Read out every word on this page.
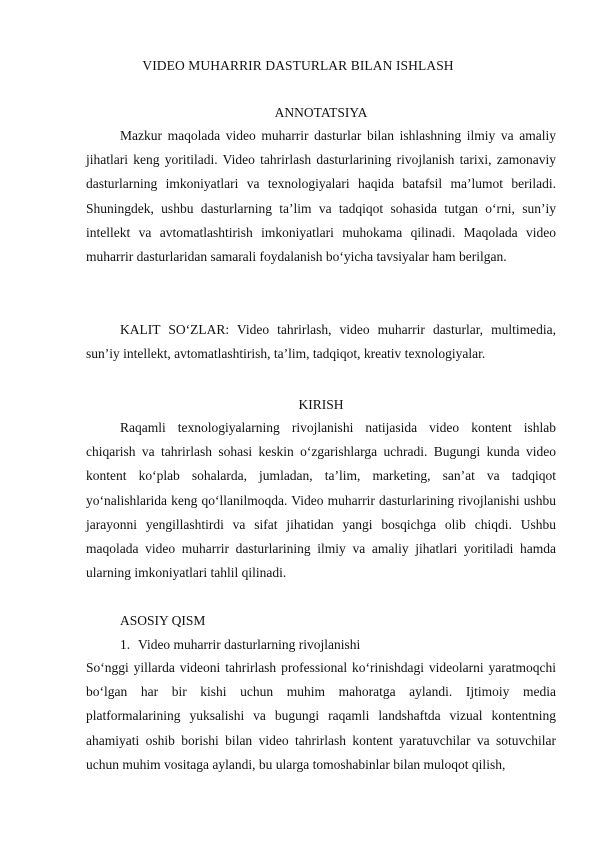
VIDEO MUHARRIR DASTURLAR BILAN ISHLASH
ANNOTATSIYA

Mazkur maqolada video muharrir dasturlar bilan ishlashning ilmiy va amaliy jihatlari keng yoritiladi. Video tahrirlash dasturlarining rivojlanish tarixi, zamonaviy dasturlarning imkoniyatlari va texnologiyalari haqida batafsil ma’lumot beriladi. Shuningdek, ushbu dasturlarning ta’lim va tadqiqot sohasida tutgan o‘rni, sun’iy intellekt va avtomatlashtirish imkoniyatlari muhokama qilinadi. Maqolada video muharrir dasturlaridan samarali foydalanish bo‘yicha tavsiyalar ham berilgan.

KALIT SO‘ZLAR: Video tahrirlash, video muharrir dasturlar, multimedia, sun’iy intellekt, avtomatlashtirish, ta’lim, tadqiqot, kreativ texnologiyalar.

KIRISH

Raqamli texnologiyalarning rivojlanishi natijasida video kontent ishlab chiqarish va tahrirlash sohasi keskin o‘zgarishlarga uchradi. Bugungi kunda video kontent ko‘plab sohalarda, jumladan, ta’lim, marketing, san’at va tadqiqot yo‘nalishlarida keng qo‘llanilmoqda. Video muharrir dasturlarining rivojlanishi ushbu jarayonni yengillashtirdi va sifat jihatidan yangi bosqichga olib chiqdi. Ushbu maqolada video muharrir dasturlarining ilmiy va amaliy jihatlari yoritiladi hamda ularning imkoniyatlari tahlil qilinadi.

ASOSIY QISM
1. Video muharrir dasturlarning rivojlanishi

So‘nggi yillarda videoni tahrirlash professional ko‘rinishdagi videolarni yaratmoqchi bo‘lgan har bir kishi uchun muhim mahoratga aylandi. Ijtimoiy media platformalarining yuksalishi va bugungi raqamli landshaftda vizual kontentning ahamiyati oshib borishi bilan video tahrirlash kontent yaratuvchilar va sotuvchilar uchun muhim vositaga aylandi, bu ularga tomoshabinlar bilan muloqot qilish,
